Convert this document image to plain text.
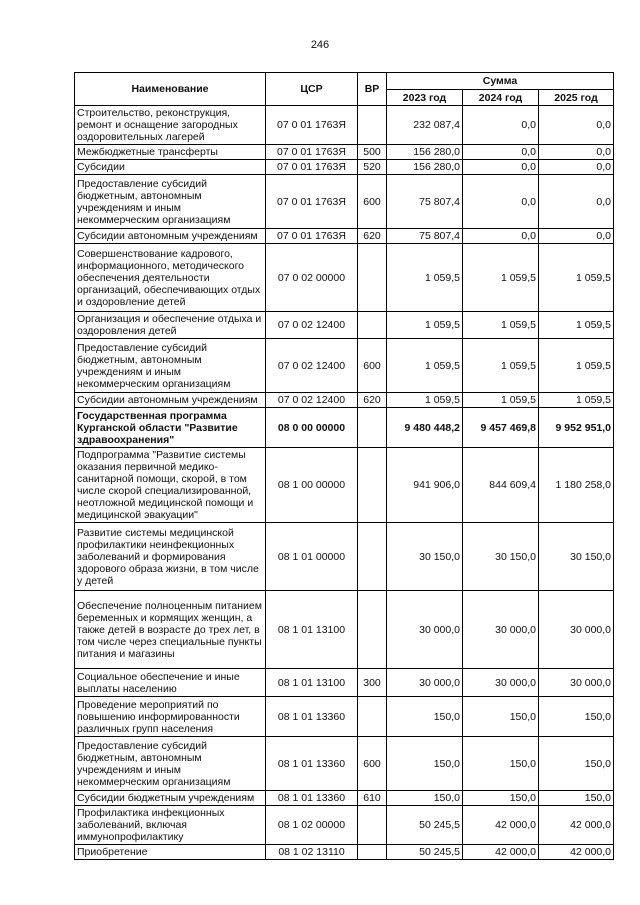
246
Наименование	ЦСР	ВР	Сумма		
			2023 год	2024 год	2025 год
Строительство, реконструкция, ремонт и оснащение загородных оздоровительных лагерей	07 0 01 1763Я		232 087,4	0,0	0,0
Межбюджетные трансферты	07 0 01 1763Я	500	156 280,0	0,0	0,0
Субсидии	07 0 01 1763Я	520	156 280,0	0,0	0,0
Предоставление субсидий бюджетным, автономным учреждениям и иным некоммерческим организациям	07 0 01 1763Я	600	75 807,4	0,0	0,0
Субсидии автономным учреждениям	07 0 01 1763Я	620	75 807,4	0,0	0,0
Совершенствование кадрового, информационного, методического обеспечения деятельности организаций, обеспечивающих отдых и оздоровление детей	07 0 02 00000		1 059,5	1 059,5	1 059,5
Организация и обеспечение отдыха и оздоровления детей	07 0 02 12400		1 059,5	1 059,5	1 059,5
Предоставление субсидий бюджетным, автономным учреждениям и иным некоммерческим организациям	07 0 02 12400	600	1 059,5	1 059,5	1 059,5
Субсидии автономным учреждениям	07 0 02 12400	620	1 059,5	1 059,5	1 059,5
Государственная программа Курганской области "Развитие здравоохранения"	08 0 00 00000		9 480 448,2	9 457 469,8	9 952 951,0
Подпрограмма "Развитие системы оказания первичной медико-санитарной помощи, скорой, в том числе скорой специализированной, неотложной медицинской помощи и медицинской эвакуации"	08 1 00 00000		941 906,0	844 609,4	1 180 258,0
Развитие системы медицинской профилактики неинфекционных заболеваний и формирования здорового образа жизни, в том числе у детей	08 1 01 00000		30 150,0	30 150,0	30 150,0
Обеспечение полноценным питанием беременных и кормящих женщин, а также детей в возрасте до трех лет, в том числе через специальные пункты питания и магазины	08 1 01 13100		30 000,0	30 000,0	30 000,0
Социальное обеспечение и иные выплаты населению	08 1 01 13100	300	30 000,0	30 000,0	30 000,0
Проведение мероприятий по повышению информированности различных групп населения	08 1 01 13360		150,0	150,0	150,0
Предоставление субсидий бюджетным, автономным учреждениям и иным некоммерческим организациям	08 1 01 13360	600	150,0	150,0	150,0
Субсидии бюджетным учреждениям	08 1 01 13360	610	150,0	150,0	150,0
Профилактика инфекционных заболеваний, включая иммунопрофилактику	08 1 02 00000		50 245,5	42 000,0	42 000,0
Приобретение	08 1 02 13110		50 245,5	42 000,0	42 000,0
